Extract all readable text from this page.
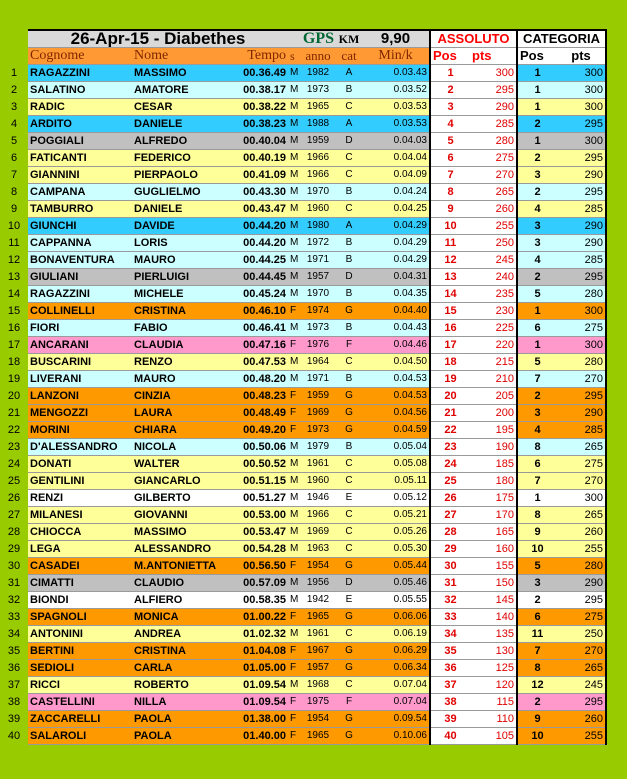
	26-Apr-15 - Diabethes			GPS		KM	9,90	ASSOLUTO		CATEGORIA	
	Cognome	Nome	Tempo	s	anno	cat	Min/k	Pos	pts	Pos	pts
1	RAGAZZINI	MASSIMO	00.36.49	M	1982	A	0.03.43	1	300	1	300
2	SALATINO	AMATORE	00.38.17	M	1973	B	0.03.52	2	295	1	300
3	RADIC	CESAR	00.38.22	M	1965	C	0.03.53	3	290	1	300
4	ARDITO	DANIELE	00.38.23	M	1988	A	0.03.53	4	285	2	295
5	POGGIALI	ALFREDO	00.40.04	M	1959	D	0.04.03	5	280	1	300
6	FATICANTI	FEDERICO	00.40.19	M	1966	C	0.04.04	6	275	2	295
7	GIANNINI	PIERPAOLO	00.41.09	M	1966	C	0.04.09	7	270	3	290
8	CAMPANA	GUGLIELMO	00.43.30	M	1970	B	0.04.24	8	265	2	295
9	TAMBURRO	DANIELE	00.43.47	M	1960	C	0.04.25	9	260	4	285
10	GIUNCHI	DAVIDE	00.44.20	M	1980	A	0.04.29	10	255	3	290
11	CAPPANNA	LORIS	00.44.20	M	1972	B	0.04.29	11	250	3	290
12	BONAVENTURA	MAURO	00.44.25	M	1971	B	0.04.29	12	245	4	285
13	GIULIANI	PIERLUIGI	00.44.45	M	1957	D	0.04.31	13	240	2	295
14	RAGAZZINI	MICHELE	00.45.24	M	1970	B	0.04.35	14	235	5	280
15	COLLINELLI	CRISTINA	00.46.10	F	1974	G	0.04.40	15	230	1	300
16	FIORI	FABIO	00.46.41	M	1973	B	0.04.43	16	225	6	275
17	ANCARANI	CLAUDIA	00.47.16	F	1976	F	0.04.46	17	220	1	300
18	BUSCARINI	RENZO	00.47.53	M	1964	C	0.04.50	18	215	5	280
19	LIVERANI	MAURO	00.48.20	M	1971	B	0.04.53	19	210	7	270
20	LANZONI	CINZIA	00.48.23	F	1959	G	0.04.53	20	205	2	295
21	MENGOZZI	LAURA	00.48.49	F	1969	G	0.04.56	21	200	3	290
22	MORINI	CHIARA	00.49.20	F	1973	G	0.04.59	22	195	4	285
23	D'ALESSANDRO	NICOLA	00.50.06	M	1979	B	0.05.04	23	190	8	265
24	DONATI	WALTER	00.50.52	M	1961	C	0.05.08	24	185	6	275
25	GENTILINI	GIANCARLO	00.51.15	M	1960	C	0.05.11	25	180	7	270
26	RENZI	GILBERTO	00.51.27	M	1946	E	0.05.12	26	175	1	300
27	MILANESI	GIOVANNI	00.53.00	M	1966	C	0.05.21	27	170	8	265
28	CHIOCCA	MASSIMO	00.53.47	M	1969	C	0.05.26	28	165	9	260
29	LEGA	ALESSANDRO	00.54.28	M	1963	C	0.05.30	29	160	10	255
30	CASADEI	M.ANTONIETTA	00.56.50	F	1954	G	0.05.44	30	155	5	280
31	CIMATTI	CLAUDIO	00.57.09	M	1956	D	0.05.46	31	150	3	290
32	BIONDI	ALFIERO	00.58.35	M	1942	E	0.05.55	32	145	2	295
33	SPAGNOLI	MONICA	01.00.22	F	1965	G	0.06.06	33	140	6	275
34	ANTONINI	ANDREA	01.02.32	M	1961	C	0.06.19	34	135	11	250
35	BERTINI	CRISTINA	01.04.08	F	1967	G	0.06.29	35	130	7	270
36	SEDIOLI	CARLA	01.05.00	F	1957	G	0.06.34	36	125	8	265
37	RICCI	ROBERTO	01.09.54	M	1968	C	0.07.04	37	120	12	245
38	CASTELLINI	NILLA	01.09.54	F	1975	F	0.07.04	38	115	2	295
39	ZACCARELLI	PAOLA	01.38.00	F	1954	G	0.09.54	39	110	9	260
40	SALAROLI	PAOLA	01.40.00	F	1965	G	0.10.06	40	105	10	255
